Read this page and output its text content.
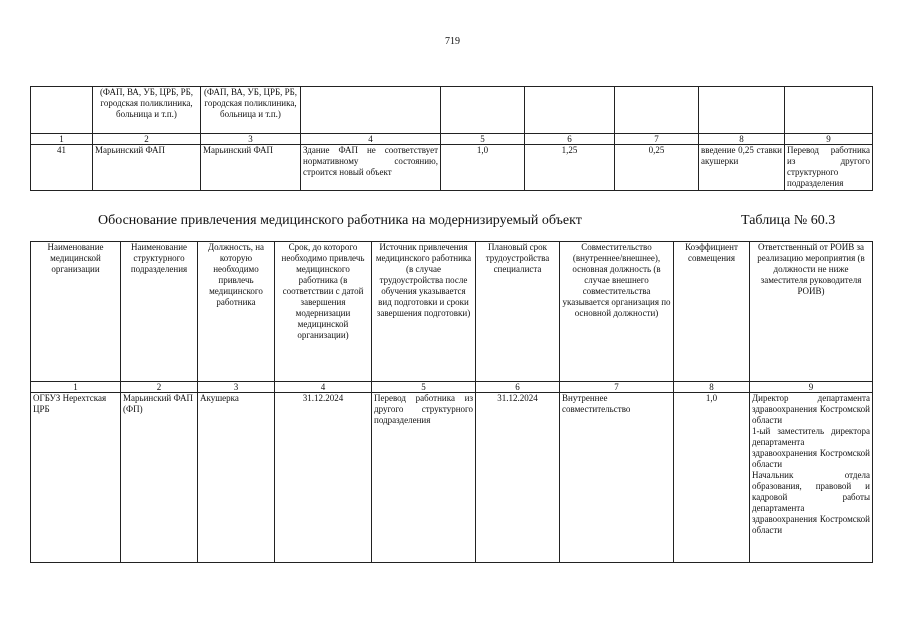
719
	(ФАП, ВА, УБ, ЦРБ, РБ, городская поликлиника, больница и т.п.)	(ФАП, ВА, УБ, ЦРБ, РБ, городская поликлиника, больница и т.п.)						
1	2	3	4	5	6	7	8	9
41	Марьинский ФАП	Марьинский ФАП	Здание ФАП не соответствует нормативному состоянию, строится новый объект	1,0	1,25	0,25	введение 0,25 ставки акушерки	Перевод работника из другого структурного подразделения
Обоснование привлечения медицинского работника на модернизируемый объект	Таблица № 60.3
Наименование медицинской организации	Наименование структурного подразделения	Должность, на которую необходимо привлечь медицинского работника	Срок, до которого необходимо привлечь медицинского работника (в соответствии с датой завершения модернизации медицинской организации)	Источник привлечения медицинского работника (в случае трудоустройства после обучения указывается вид подготовки и сроки завершения подготовки)	Плановый срок трудоустройства специалиста	Совместительство (внутреннее/внешнее), основная должность (в случае внешнего совместительства указывается организация по основной должности)	Коэффициент совмещения	Ответственный от РОИВ за реализацию мероприятия (в должности не ниже заместителя руководителя РОИВ)
1	2	3	4	5	6	7	8	9
ОГБУЗ Нерехтская ЦРБ	Марьинский ФАП (ФП)	Акушерка	31.12.2024	Перевод работника из другого структурного подразделения	31.12.2024	Внутреннее совместительство	1,0	Директор департамента здравоохранения Костромской области
1-ый заместитель директора департамента здравоохранения Костромской области
Начальник отдела образования, правовой и кадровой работы департамента здравоохранения Костромской области
